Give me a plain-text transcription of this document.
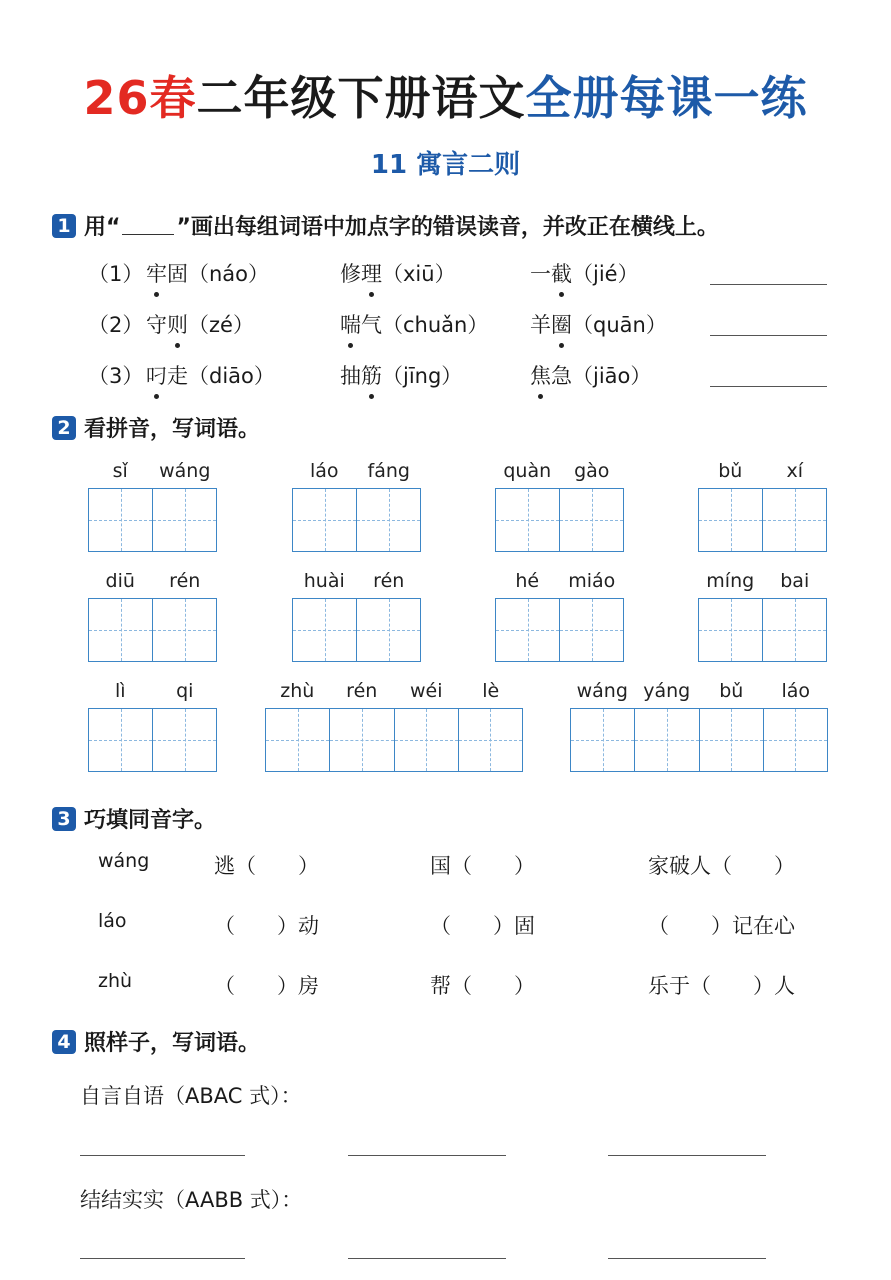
26春二年级下册语文全册每课一练
11 寓言二则
1 用“	”画出每组词语中加点字的错误读音，并改正在横线上。
（1） 牢固（náo）	修理（xiū）	一截（jié）
（2） 守则（zé）	喘气（chuǎn） 羊圈（quān）
（3） 叼走（diāo）	抽筋（jīng）	焦急（jiāo）
2 看拼音，写词语。
sǐ	wáng	láo	fáng	quàn	gào	bǔ	xí
diū	rén	huài	rén	hé	miáo	míng	bai
lì	qi	zhù	rén	wéi	lè	wáng yáng	bǔ	láo
3 巧填同音字。
wáng	逃（　　）	国（　　）	家破人（　　）
láo	（　　）动	（　　）固	（　　）记在心
zhù	（　　）房	帮（　　）	乐于（　　）人
4 照样子，写词语。
自言自语（ABAC 式）：
结结实实（AABB 式）：
